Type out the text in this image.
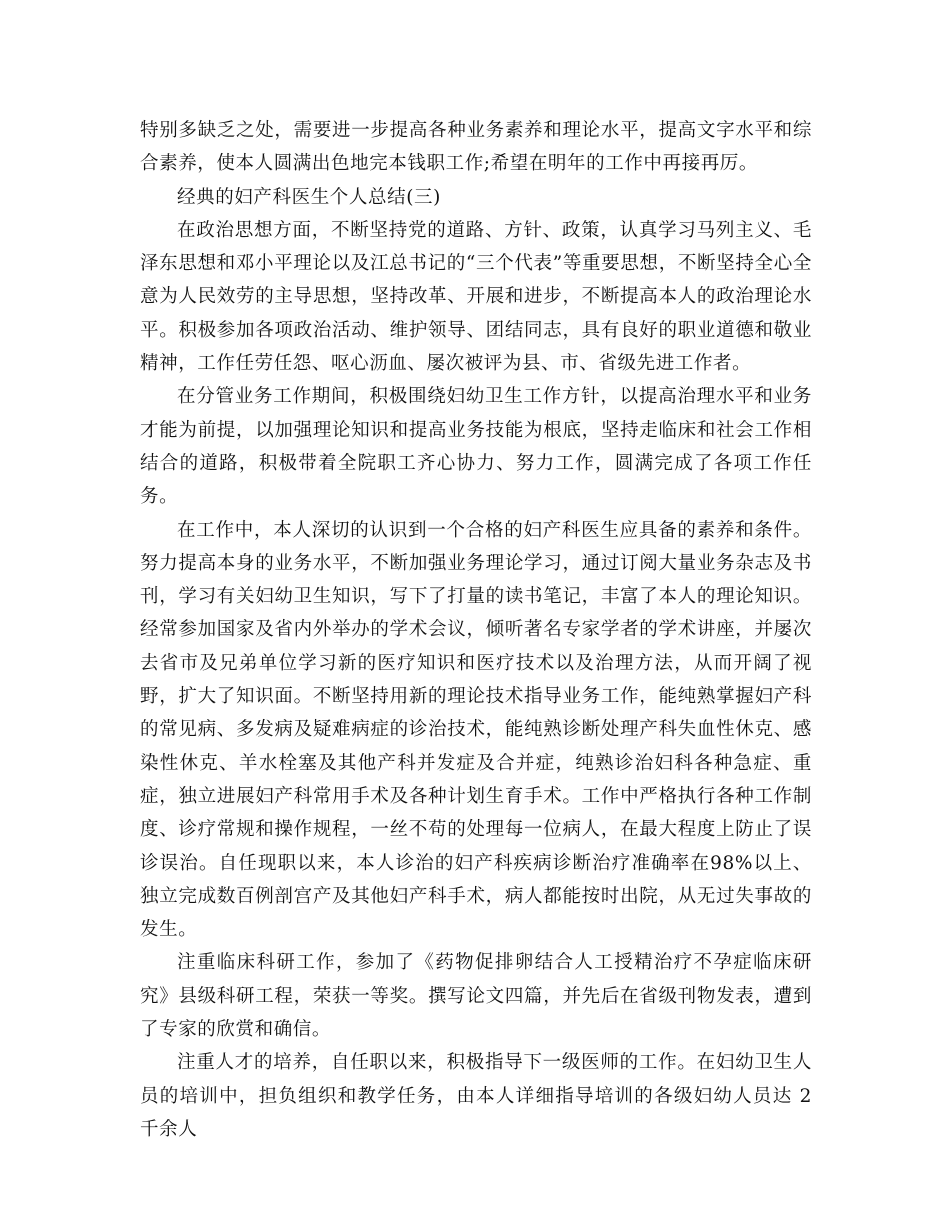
特别多缺乏之处，需要进一步提高各种业务素养和理论水平，提高文字水平和综合素养，使本人圆满出色地完本钱职工作;希望在明年的工作中再接再厉。

经典的妇产科医生个人总结(三)

在政治思想方面，不断坚持党的道路、方针、政策，认真学习马列主义、毛泽东思想和邓小平理论以及江总书记的“三个代表”等重要思想，不断坚持全心全意为人民效劳的主导思想，坚持改革、开展和进步，不断提高本人的政治理论水平。积极参加各项政治活动、维护领导、团结同志，具有良好的职业道德和敬业精神，工作任劳任怨、呕心沥血、屡次被评为县、市、省级先进工作者。

在分管业务工作期间，积极围绕妇幼卫生工作方针，以提高治理水平和业务才能为前提，以加强理论知识和提高业务技能为根底，坚持走临床和社会工作相结合的道路，积极带着全院职工齐心协力、努力工作，圆满完成了各项工作任务。

在工作中，本人深切的认识到一个合格的妇产科医生应具备的素养和条件。努力提高本身的业务水平，不断加强业务理论学习，通过订阅大量业务杂志及书刊，学习有关妇幼卫生知识，写下了打量的读书笔记，丰富了本人的理论知识。经常参加国家及省内外举办的学术会议，倾听著名专家学者的学术讲座，并屡次去省市及兄弟单位学习新的医疗知识和医疗技术以及治理方法，从而开阔了视野，扩大了知识面。不断坚持用新的理论技术指导业务工作，能纯熟掌握妇产科的常见病、多发病及疑难病症的诊治技术，能纯熟诊断处理产科失血性休克、感染性休克、羊水栓塞及其他产科并发症及合并症，纯熟诊治妇科各种急症、重症，独立进展妇产科常用手术及各种计划生育手术。工作中严格执行各种工作制度、诊疗常规和操作规程，一丝不苟的处理每一位病人，在最大程度上防止了误诊误治。自任现职以来，本人诊治的妇产科疾病诊断治疗准确率在98%以上、独立完成数百例剖宫产及其他妇产科手术，病人都能按时出院，从无过失事故的发生。

注重临床科研工作，参加了《药物促排卵结合人工授精治疗不孕症临床研究》县级科研工程，荣获一等奖。撰写论文四篇，并先后在省级刊物发表，遭到了专家的欣赏和确信。

注重人才的培养，自任职以来，积极指导下一级医师的工作。在妇幼卫生人员的培训中，担负组织和教学任务，由本人详细指导培训的各级妇幼人员达 2 千余人
